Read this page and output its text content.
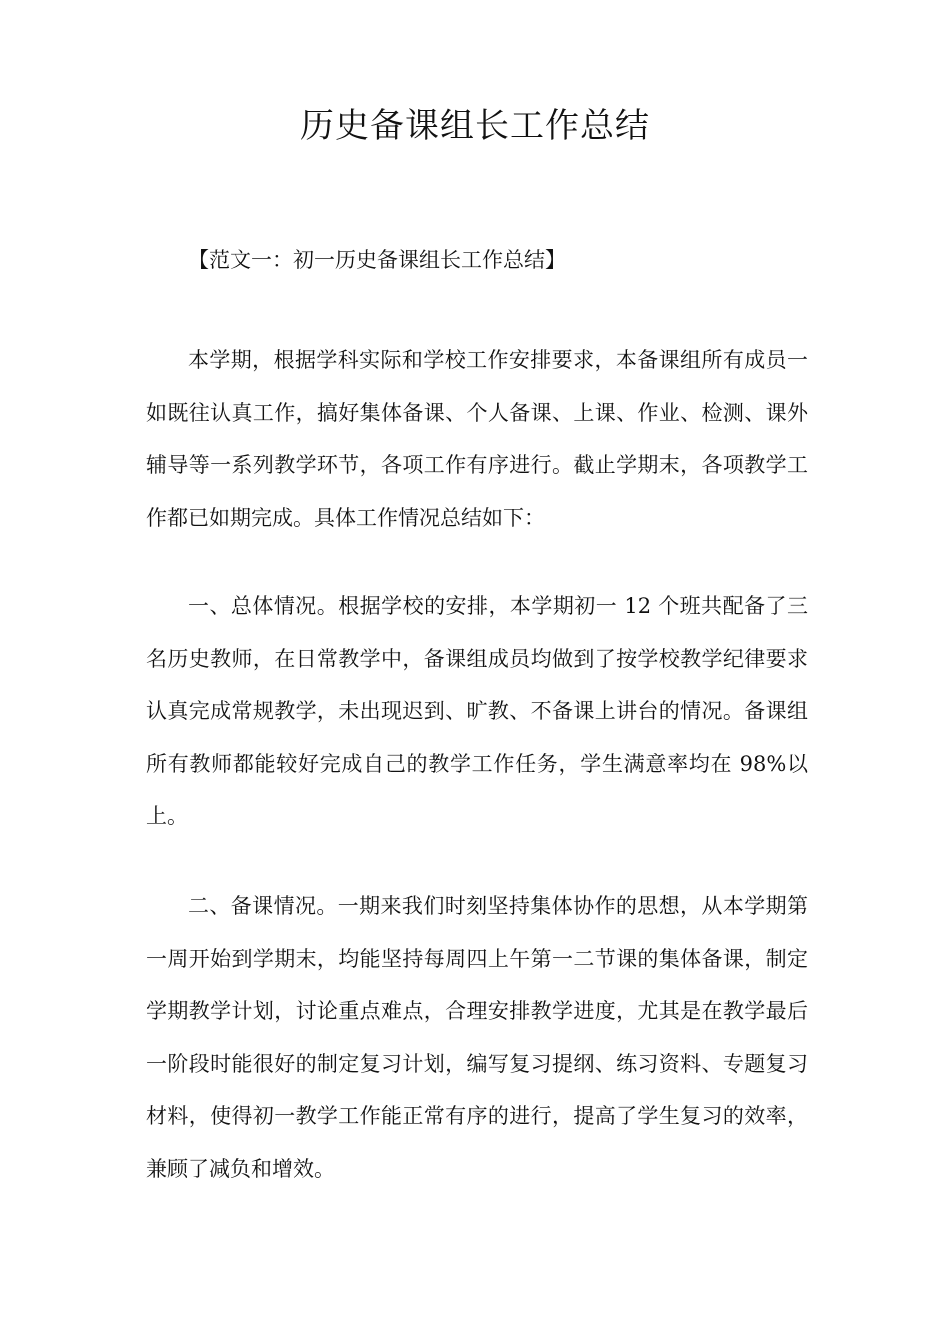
历史备课组长工作总结

【范文一：初一历史备课组长工作总结】

本学期，根据学科实际和学校工作安排要求，本备课组所有成员一如既往认真工作，搞好集体备课、个人备课、上课、作业、检测、课外辅导等一系列教学环节，各项工作有序进行。截止学期末，各项教学工作都已如期完成。具体工作情况总结如下：

一、总体情况。根据学校的安排，本学期初一 12 个班共配备了三名历史教师，在日常教学中，备课组成员均做到了按学校教学纪律要求认真完成常规教学，未出现迟到、旷教、不备课上讲台的情况。备课组所有教师都能较好完成自己的教学工作任务，学生满意率均在 98%以上。

二、备课情况。一期来我们时刻坚持集体协作的思想，从本学期第一周开始到学期末，均能坚持每周四上午第一二节课的集体备课，制定学期教学计划，讨论重点难点，合理安排教学进度，尤其是在教学最后一阶段时能很好的制定复习计划，编写复习提纲、练习资料、专题复习材料，使得初一教学工作能正常有序的进行，提高了学生复习的效率，兼顾了减负和增效。
